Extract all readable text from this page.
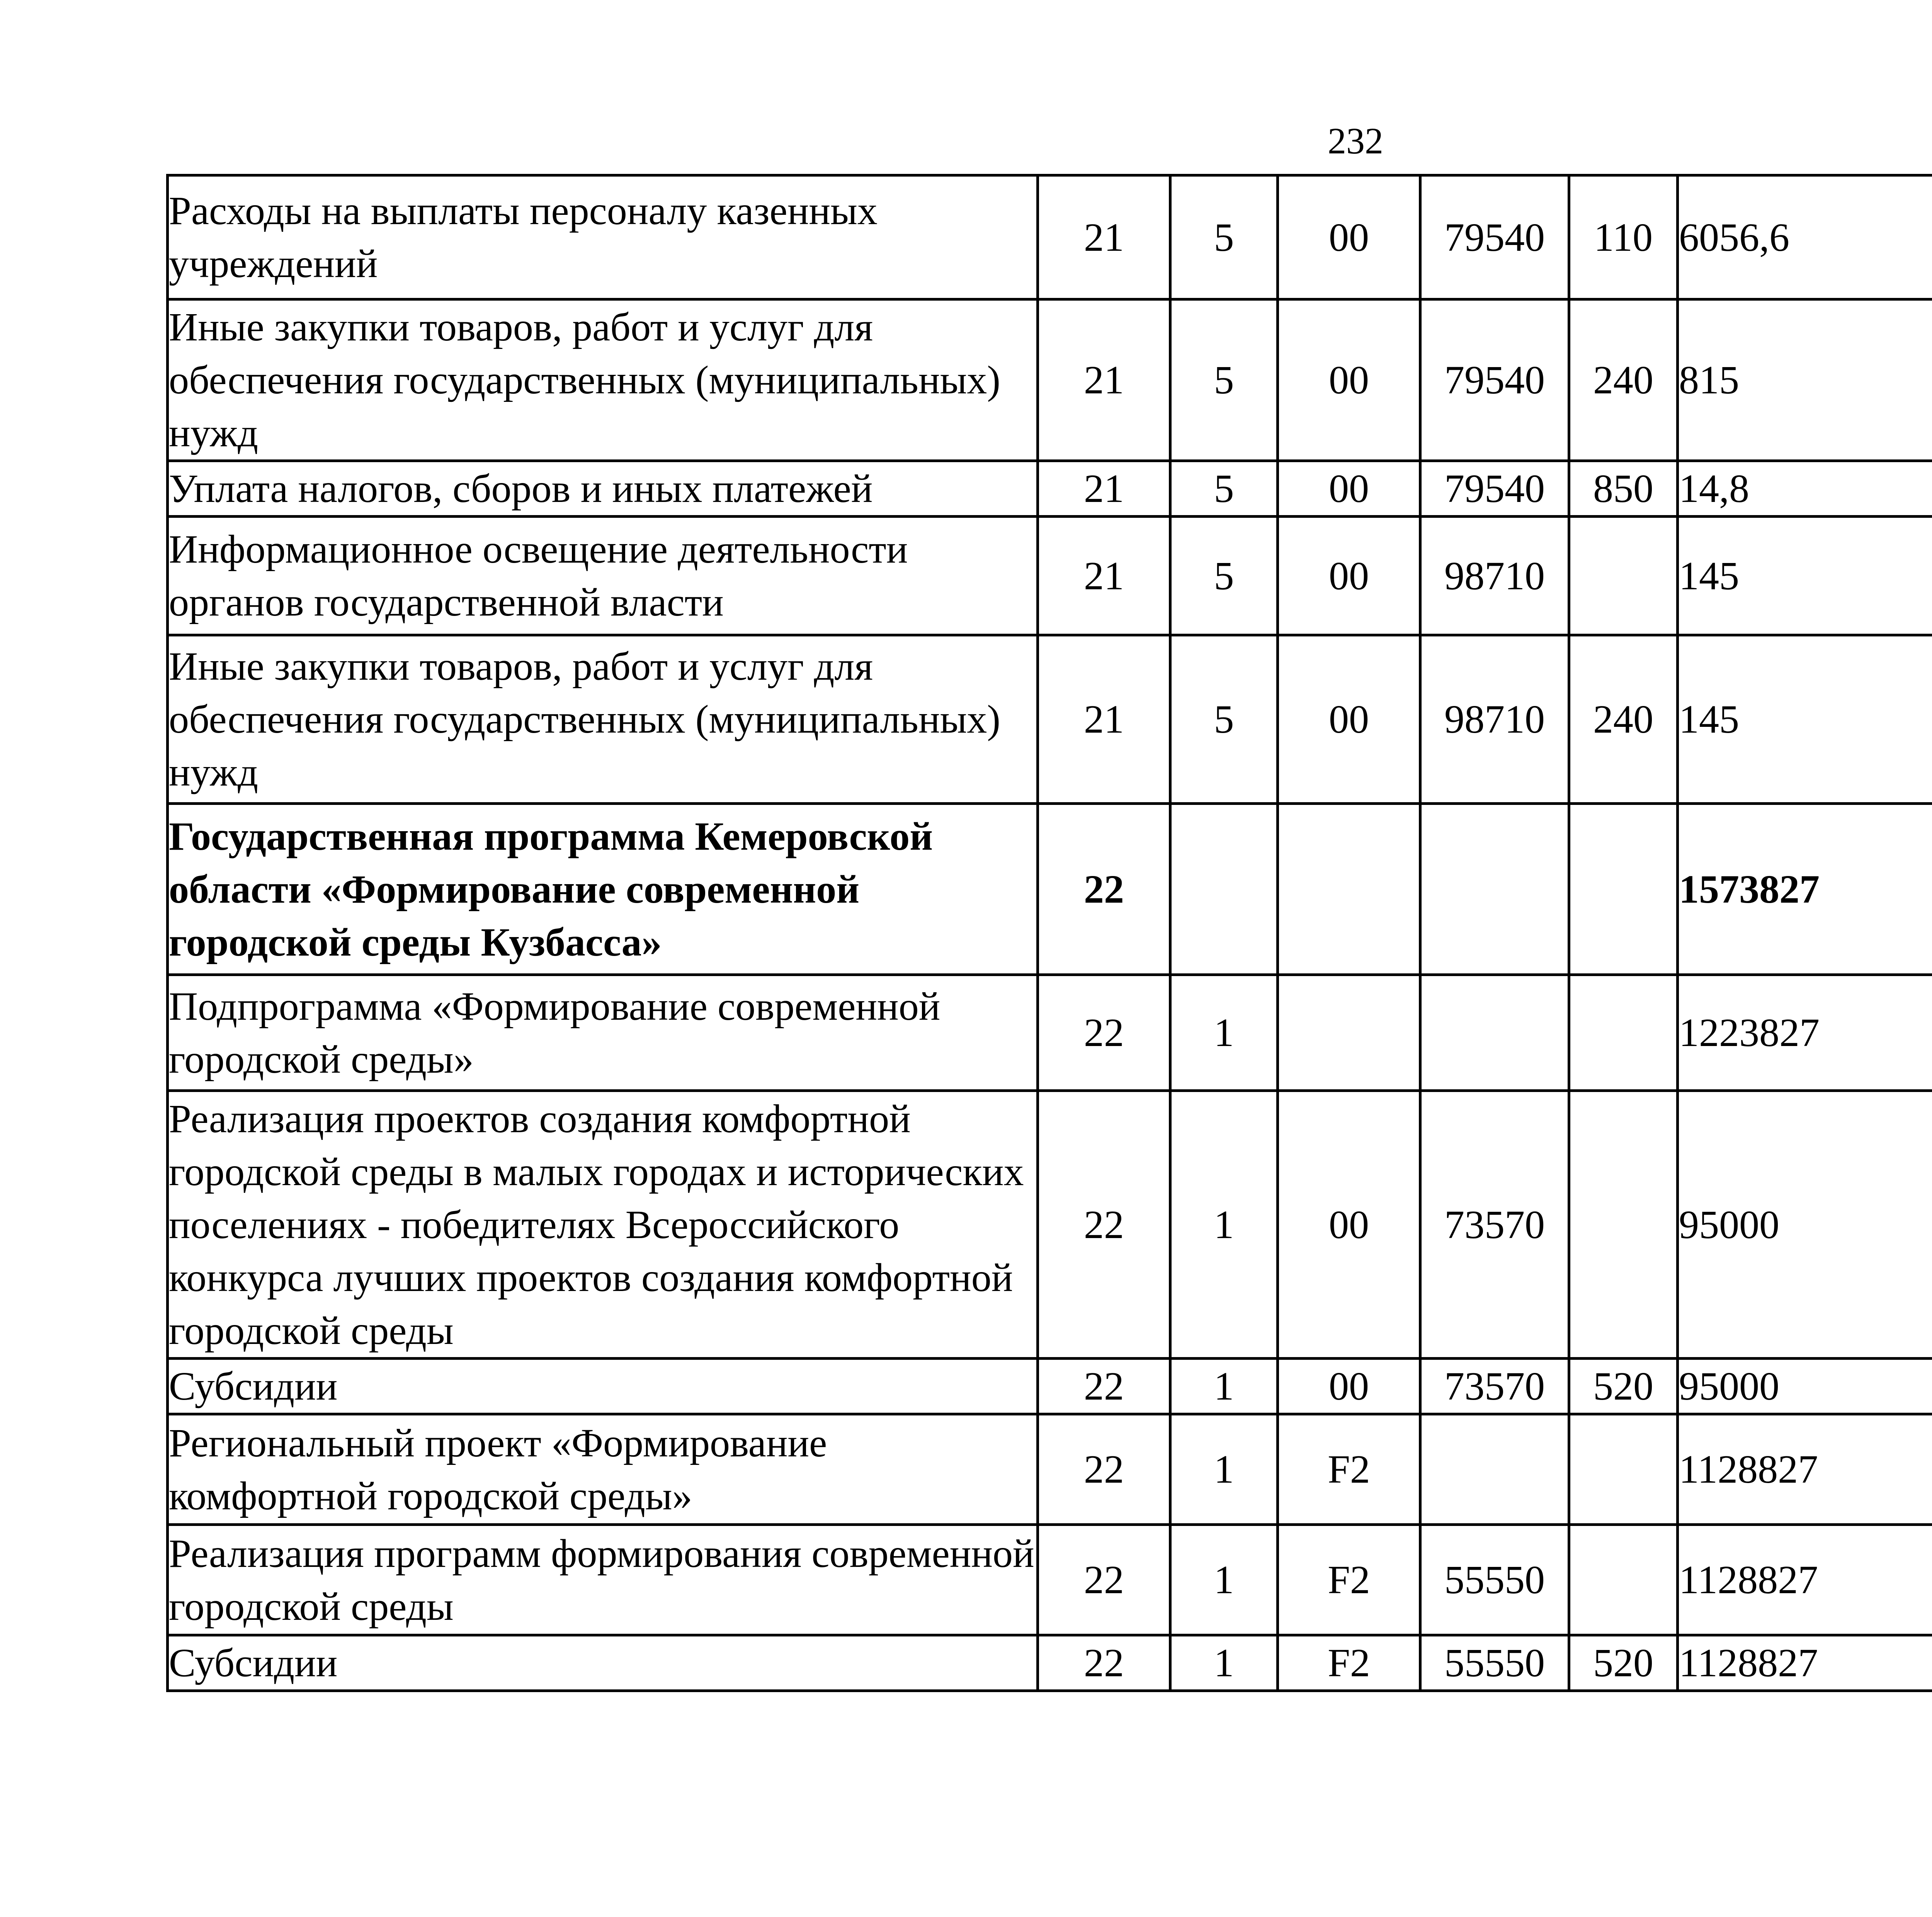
232
Расходы на выплаты персоналу казенных учреждений	21	5	00	79540	110	6056,6		
Иные закупки товаров, работ и услуг для обеспечения государственных (муниципальных) нужд	21	5	00	79540	240	815		
Уплата налогов, сборов и иных платежей	21	5	00	79540	850	14,8		
Информационное освещение деятельности органов государственной власти	21	5	00	98710		145		
Иные закупки товаров, работ и услуг для обеспечения государственных (муниципальных) нужд	21	5	00	98710	240	145		
Государственная программа Кемеровской области «Формирование современной городской среды Кузбасса»	22					1573827		
Подпрограмма «Формирование современной городской среды»	22	1				1223827		
Реализация проектов создания комфортной городской среды в малых городах и исторических поселениях - победителях Всероссийского конкурса лучших проектов создания комфортной городской среды	22	1	00	73570		95000		
Субсидии	22	1	00	73570	520	95000		
Региональный проект «Формирование комфортной городской среды»	22	1	F2			1128827		
Реализация программ формирования современной городской среды	22	1	F2	55550		1128827		
Субсидии	22	1	F2	55550	520	1128827		
